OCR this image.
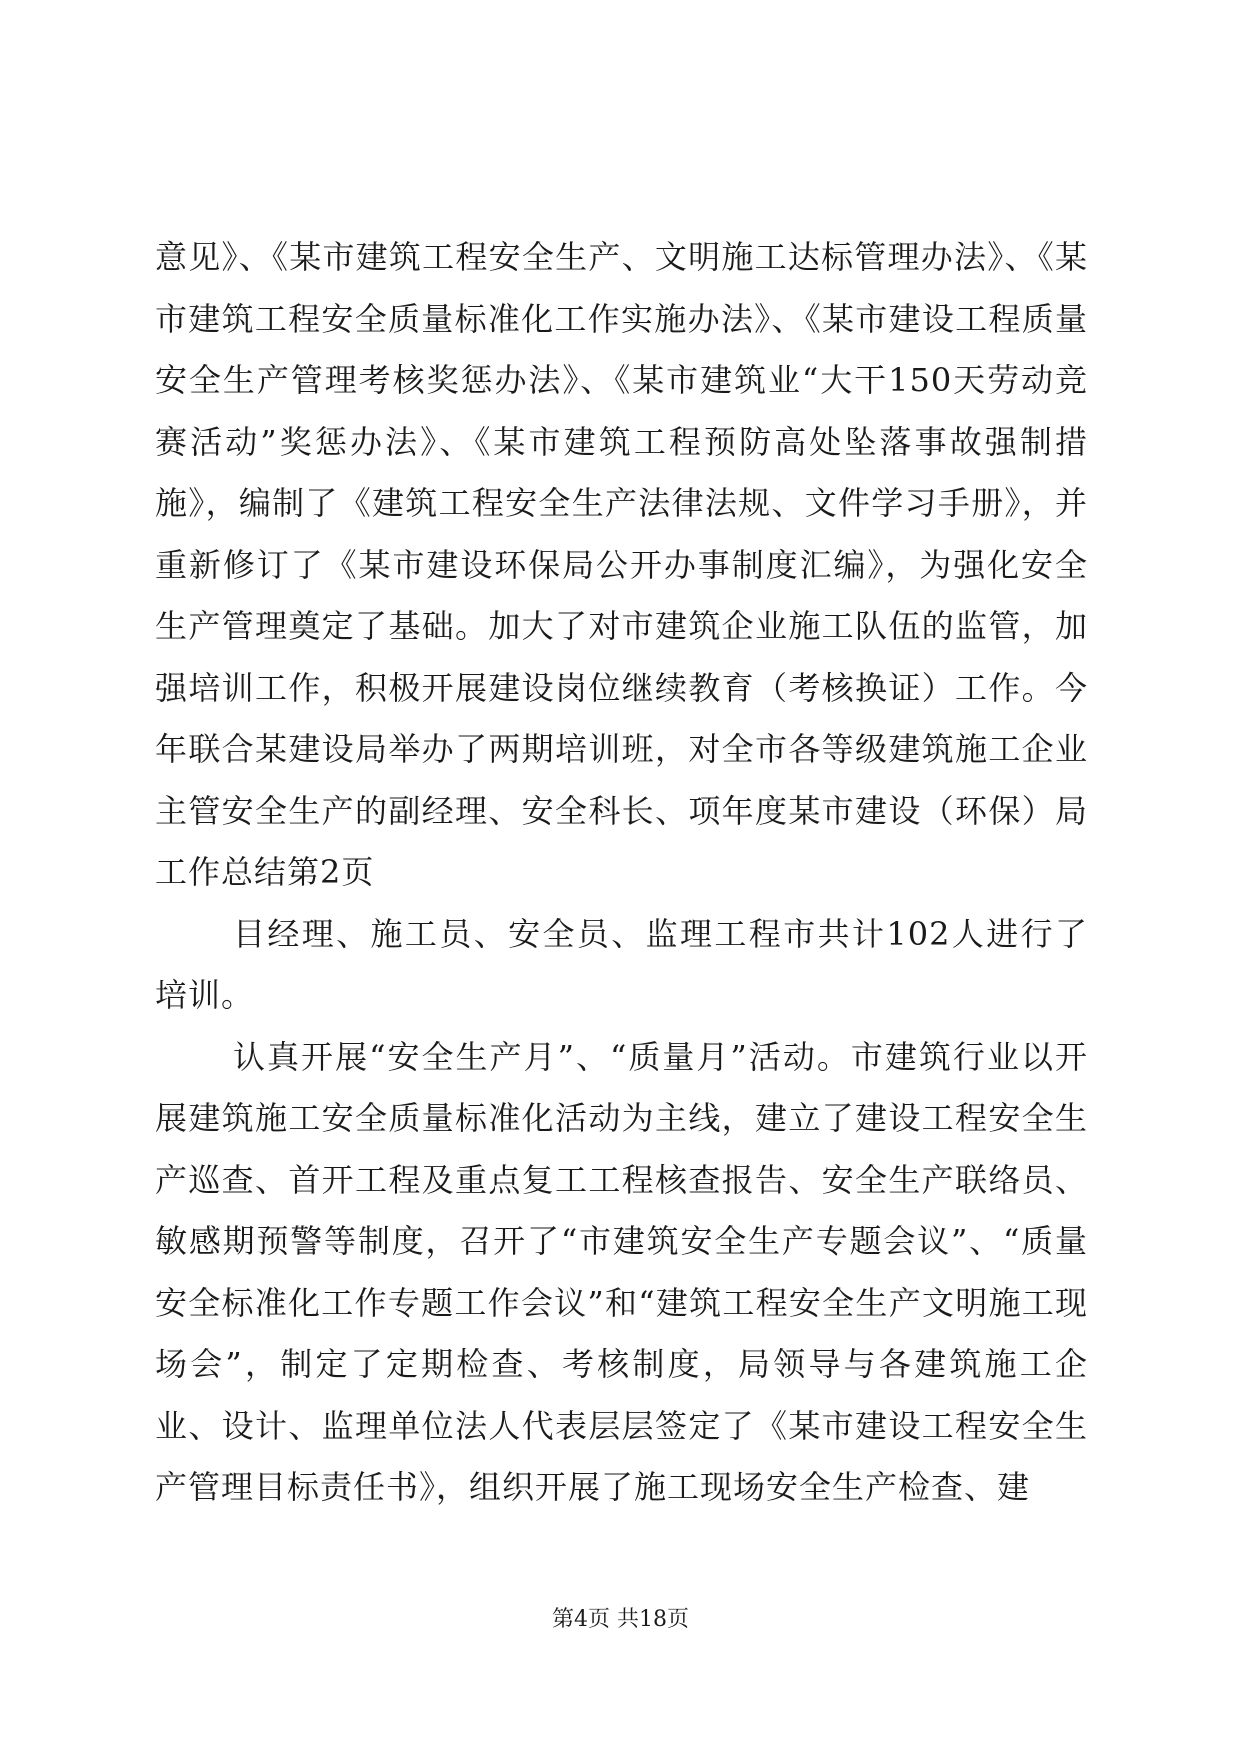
意见》、《某市建筑工程安全生产、文明施工达标管理办法》、《某市建筑工程安全质量标准化工作实施办法》、《某市建设工程质量安全生产管理考核奖惩办法》、《某市建筑业“大干150天劳动竞赛活动”奖惩办法》、《某市建筑工程预防高处坠落事故强制措施》，编制了《建筑工程安全生产法律法规、文件学习手册》，并重新修订了《某市建设环保局公开办事制度汇编》，为强化安全生产管理奠定了基础。加大了对市建筑企业施工队伍的监管，加强培训工作，积极开展建设岗位继续教育（考核换证）工作。今年联合某建设局举办了两期培训班，对全市各等级建筑施工企业主管安全生产的副经理、安全科长、项年度某市建设（环保）局工作总结第2页

目经理、施工员、安全员、监理工程市共计102人进行了培训。

认真开展“安全生产月”、“质量月”活动。市建筑行业以开展建筑施工安全质量标准化活动为主线，建立了建设工程安全生产巡查、首开工程及重点复工工程核查报告、安全生产联络员、敏感期预警等制度，召开了“市建筑安全生产专题会议”、“质量安全标准化工作专题工作会议”和“建筑工程安全生产文明施工现场会”，制定了定期检查、考核制度，局领导与各建筑施工企业、设计、监理单位法人代表层层签定了《某市建设工程安全生产管理目标责任书》，组织开展了施工现场安全生产检查、建

第4页 共18页
